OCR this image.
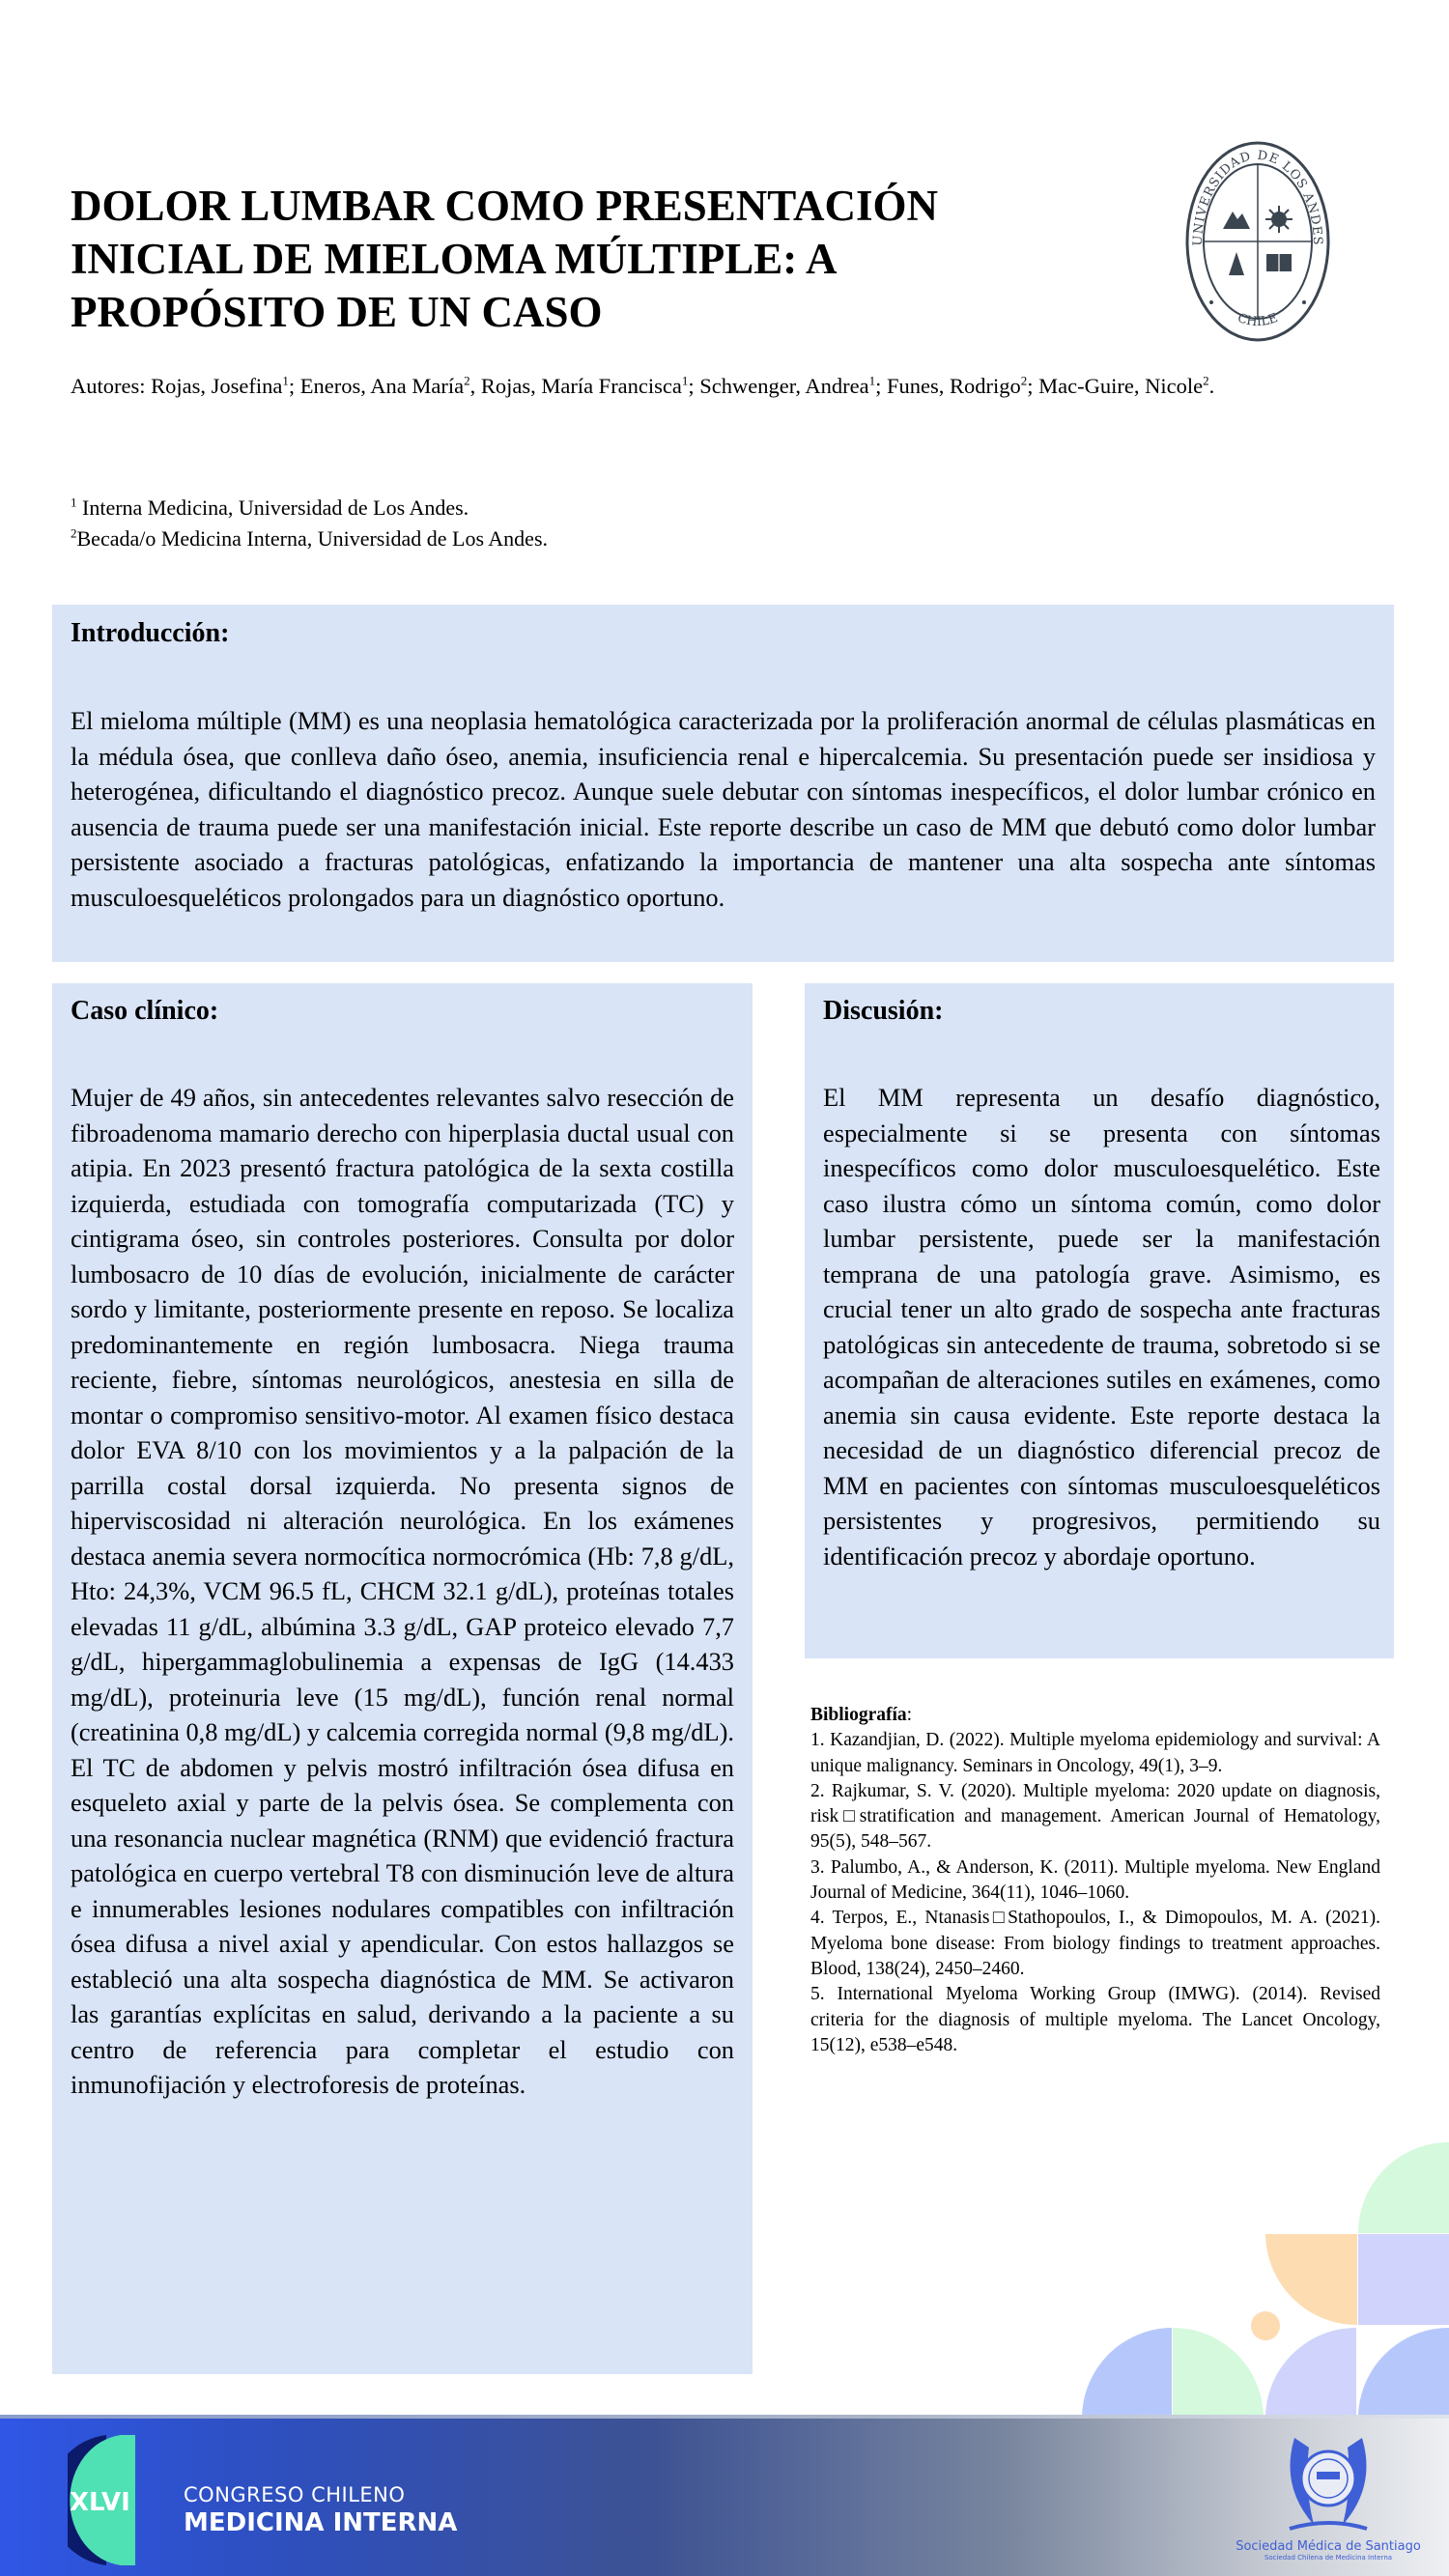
DOLOR LUMBAR COMO PRESENTACIÓN INICIAL DE MIELOMA MÚLTIPLE: A PROPÓSITO DE UN CASO
UNIVERSIDAD DE LOS ANDES
CHILE
Autores: Rojas, Josefina$^1$; Eneros, Ana María$^2$, Rojas, María Francisca$^1$; Schwenger, Andrea$^1$; Funes, Rodrigo$^2$; Mac-Guire, Nicole$^2$.
$^1$ Interna Medicina, Universidad de Los Andes.
$^2$Becada/o Medicina Interna, Universidad de Los Andes.
Introducción:
El mieloma múltiple (MM) es una neoplasia hematológica caracterizada por la proliferación anormal de células plasmáticas en la médula ósea, que conlleva daño óseo, anemia, insuficiencia renal e hipercalcemia. Su presentación puede ser insidiosa y heterogénea, dificultando el diagnóstico precoz. Aunque suele debutar con síntomas inespecíficos, el dolor lumbar crónico en ausencia de trauma puede ser una manifestación inicial. Este reporte describe un caso de MM que debutó como dolor lumbar persistente asociado a fracturas patológicas, enfatizando la importancia de mantener una alta sospecha ante síntomas musculoesqueléticos prolongados para un diagnóstico oportuno.
Caso clínico:
Mujer de 49 años, sin antecedentes relevantes salvo resección de fibroadenoma mamario derecho con hiperplasia ductal usual con atipia. En 2023 presentó fractura patológica de la sexta costilla izquierda, estudiada con tomografía computarizada (TC) y cintigrama óseo, sin controles posteriores. Consulta por dolor lumbosacro de 10 días de evolución, inicialmente de carácter sordo y limitante, posteriormente presente en reposo. Se localiza predominantemente en región lumbosacra. Niega trauma reciente, fiebre, síntomas neurológicos, anestesia en silla de montar o compromiso sensitivo-motor. Al examen físico destaca dolor EVA 8/10 con los movimientos y a la palpación de la parrilla costal dorsal izquierda. No presenta signos de hiperviscosidad ni alteración neurológica. En los exámenes destaca anemia severa normocítica normocrómica (Hb: 7,8 g/dL, Hto: 24,3%, VCM 96.5 fL, CHCM 32.1 g/dL), proteínas totales elevadas 11 g/dL, albúmina 3.3 g/dL, GAP proteico elevado 7,7 g/dL, hipergammaglobulinemia a expensas de IgG (14.433 mg/dL), proteinuria leve (15 mg/dL), función renal normal (creatinina 0,8 mg/dL) y calcemia corregida normal (9,8 mg/dL). El TC de abdomen y pelvis mostró infiltración ósea difusa en esqueleto axial y parte de la pelvis ósea. Se complementa con una resonancia nuclear magnética (RNM) que evidenció fractura patológica en cuerpo vertebral T8 con disminución leve de altura e innumerables lesiones nodulares compatibles con infiltración ósea difusa a nivel axial y apendicular. Con estos hallazgos se estableció una alta sospecha diagnóstica de MM. Se activaron las garantías explícitas en salud, derivando a la paciente a su centro de referencia para completar el estudio con inmunofijación y electroforesis de proteínas.
Discusión:
El MM representa un desafío diagnóstico, especialmente si se presenta con síntomas inespecíficos como dolor musculoesquelético. Este caso ilustra cómo un síntoma común, como dolor lumbar persistente, puede ser la manifestación temprana de una patología grave. Asimismo, es crucial tener un alto grado de sospecha ante fracturas patológicas sin antecedente de trauma, sobretodo si se acompañan de alteraciones sutiles en exámenes, como anemia sin causa evidente. Este reporte destaca la necesidad de un diagnóstico diferencial precoz de MM en pacientes con síntomas musculoesqueléticos persistentes y progresivos, permitiendo su identificación precoz y abordaje oportuno.

Bibliografía:

1. Kazandjian, D. (2022). Multiple myeloma epidemiology and survival: A unique malignancy. Seminars in Oncology, 49(1), 3–9.

2. Rajkumar, S. V. (2020). Multiple myeloma: 2020 update on diagnosis, risk□stratification and management. American Journal of Hematology, 95(5), 548–567.

3. Palumbo, A., & Anderson, K. (2011). Multiple myeloma. New England Journal of Medicine, 364(11), 1046–1060.

4. Terpos, E., Ntanasis□Stathopoulos, I., & Dimopoulos, M. A. (2021). Myeloma bone disease: From biology findings to treatment approaches. Blood, 138(24), 2450–2460.

5. International Myeloma Working Group (IMWG). (2014). Revised criteria for the diagnosis of multiple myeloma. The Lancet Oncology, 15(12), e538–e548.

XLVI	CONGRESO CHILENO
MEDICINA INTERNA
Sociedad Médica de Santiago
Sociedad Chilena de Medicina Interna
